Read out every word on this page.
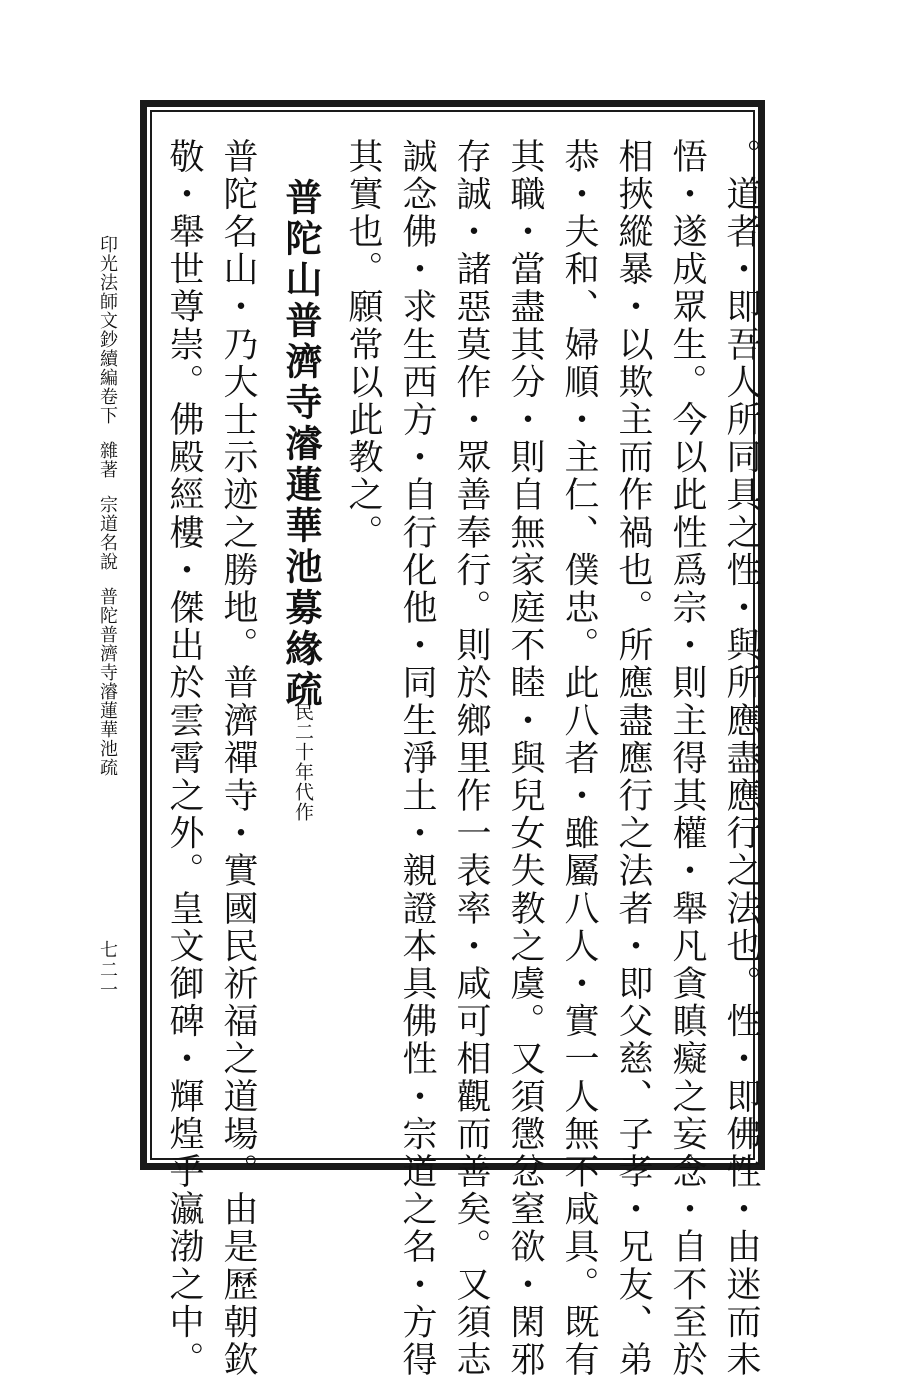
印光法師文鈔續編卷下　　雜著　　宗道名說　　普陀普濟寺濬蓮華池疏
七二一	。道者・即吾人所同具之性・與所應盡應行之法也。性・即佛性・由迷而未
悟・遂成眾生。今以此性爲宗・則主得其權・舉凡貪瞋癡之妄念・自不至於
相挾縱暴・以欺主而作禍也。所應盡應行之法者・即父慈、子孝・兄友、弟
恭・夫和、婦順・主仁、僕忠。此八者・雖屬八人・實一人無不咸具。既有
其職・當盡其分・則自無家庭不睦・與兒女失教之虞。又須懲忿窒欲・閑邪
存誠・諸惡莫作・眾善奉行。則於鄉里作一表率・咸可相觀而善矣。又須志
誠念佛・求生西方・自行化他・同生淨土・親證本具佛性・宗道之名・方得
其實也。願常以此教之。
普陀山普濟寺濬蓮華池募緣疏
民二十年代作
普陀名山・乃大士示迹之勝地。普濟禪寺・實國民祈福之道場。由是歷朝欽
敬・舉世尊崇。佛殿經樓・傑出於雲霄之外。皇文御碑・輝煌乎瀛渤之中。
